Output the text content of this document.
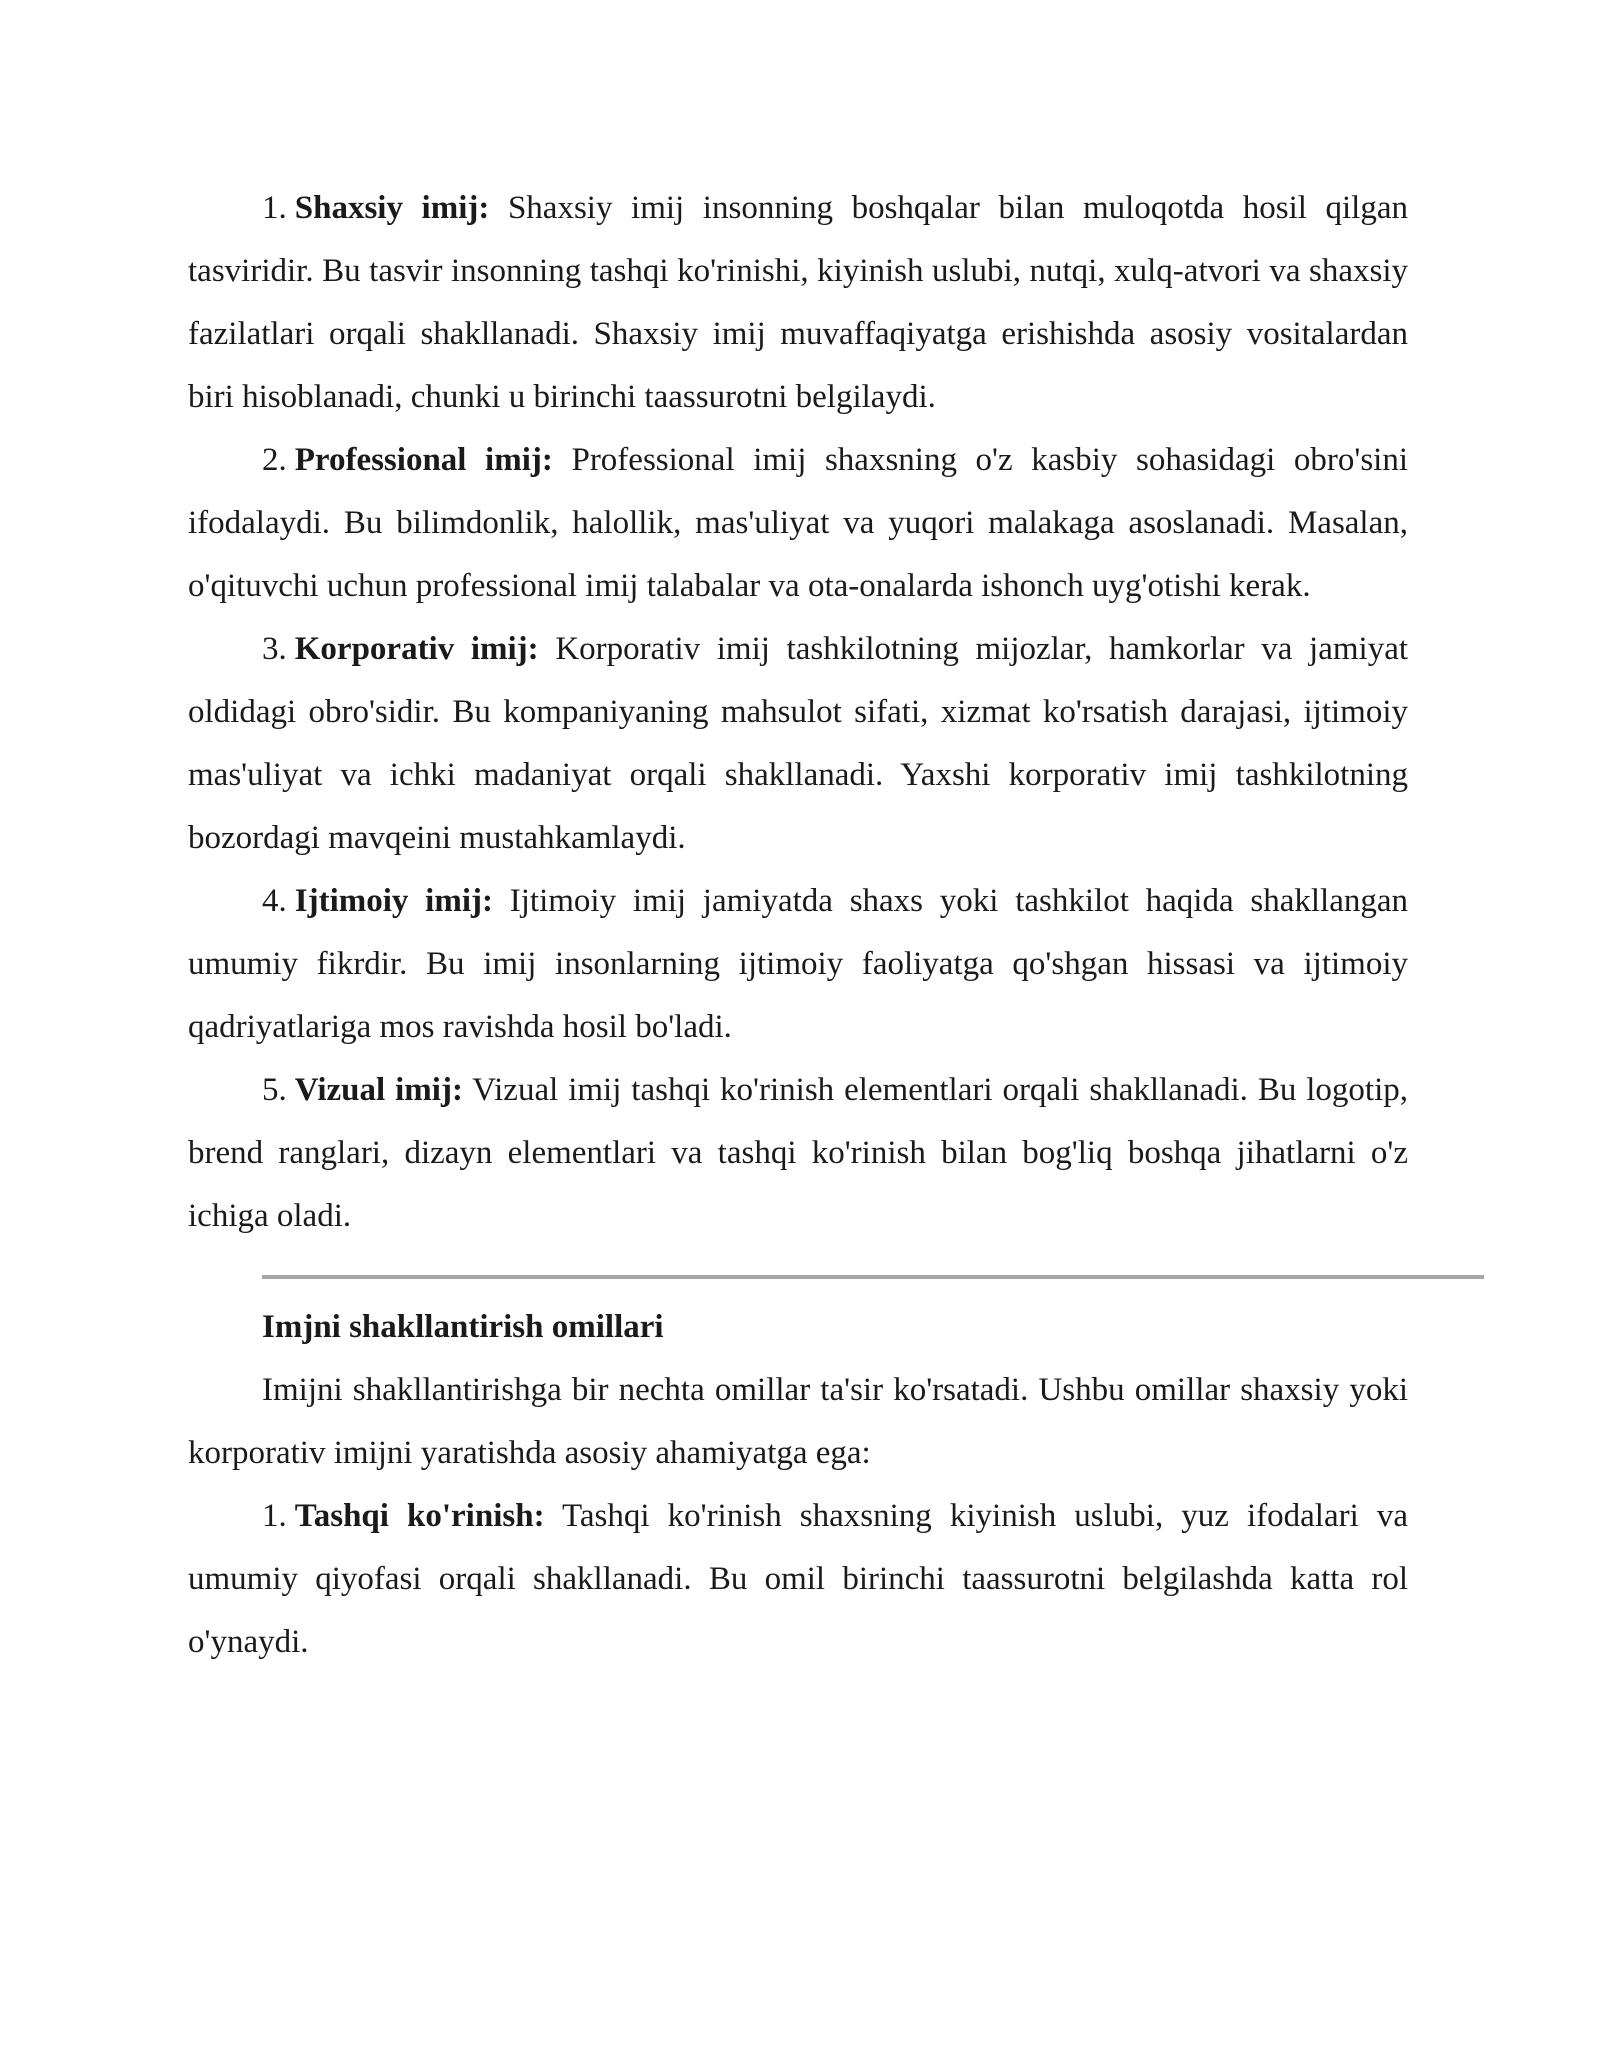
1. Shaxsiy imij: Shaxsiy imij insonning boshqalar bilan muloqotda hosil qilgan tasviridir. Bu tasvir insonning tashqi ko'rinishi, kiyinish uslubi, nutqi, xulq-atvori va shaxsiy fazilatlari orqali shakllanadi. Shaxsiy imij muvaffaqiyatga erishishda asosiy vositalardan biri hisoblanadi, chunki u birinchi taassurotni belgilaydi.

2. Professional imij: Professional imij shaxsning o'z kasbiy sohasidagi obro'sini ifodalaydi. Bu bilimdonlik, halollik, mas'uliyat va yuqori malakaga asoslanadi. Masalan, o'qituvchi uchun professional imij talabalar va ota-onalarda ishonch uyg'otishi kerak.

3. Korporativ imij: Korporativ imij tashkilotning mijozlar, hamkorlar va jamiyat oldidagi obro'sidir. Bu kompaniyaning mahsulot sifati, xizmat ko'rsatish darajasi, ijtimoiy mas'uliyat va ichki madaniyat orqali shakllanadi. Yaxshi korporativ imij tashkilotning bozordagi mavqeini mustahkamlaydi.

4. Ijtimoiy imij: Ijtimoiy imij jamiyatda shaxs yoki tashkilot haqida shakllangan umumiy fikrdir. Bu imij insonlarning ijtimoiy faoliyatga qo'shgan hissasi va ijtimoiy qadriyatlariga mos ravishda hosil bo'ladi.

5. Vizual imij: Vizual imij tashqi ko'rinish elementlari orqali shakllanadi. Bu logotip, brend ranglari, dizayn elementlari va tashqi ko'rinish bilan bog'liq boshqa jihatlarni o'z ichiga oladi.

Imjni shakllantirish omillari

Imijni shakllantirishga bir nechta omillar ta'sir ko'rsatadi. Ushbu omillar shaxsiy yoki korporativ imijni yaratishda asosiy ahamiyatga ega:

1. Tashqi ko'rinish: Tashqi ko'rinish shaxsning kiyinish uslubi, yuz ifodalari va umumiy qiyofasi orqali shakllanadi. Bu omil birinchi taassurotni belgilashda katta rol o'ynaydi.
